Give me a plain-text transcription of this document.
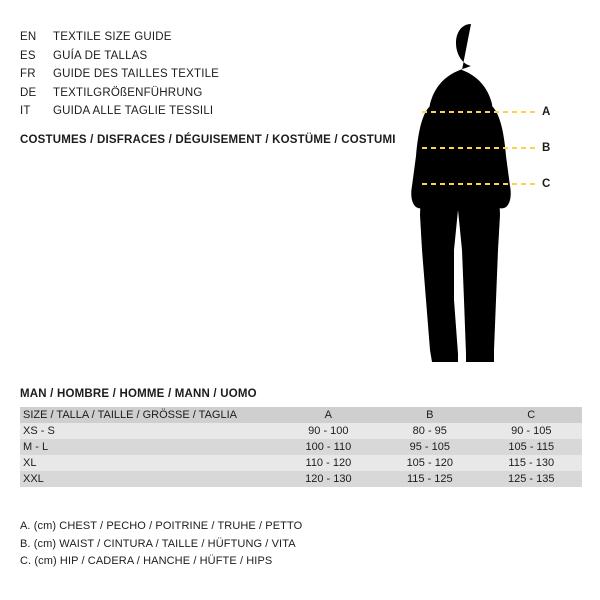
EN	TEXTILE SIZE GUIDE
ES	GUÍA DE TALLAS
FR	GUIDE DES TAILLES TEXTILE
DE	TEXTILGRÖßENFÜHRUNG
IT	GUIDA ALLE TAGLIE TESSILI
COSTUMES / DISFRACES / DÉGUISEMENT / KOSTÜME / COSTUMI
A
B
C
MAN / HOMBRE / HOMME / MANN / UOMO
SIZE / TALLA / TAILLE / GRÖSSE / TAGLIA	A	B	C
XS - S	90 - 100	80 - 95	90 - 105
M - L	100 - 110	95 - 105	105 - 115
XL	110 - 120	105 - 120	115 - 130
XXL	120 - 130	115 - 125	125 - 135
A. (cm) CHEST / PECHO / POITRINE / TRUHE / PETTO
B. (cm) WAIST / CINTURA / TAILLE / HÜFTUNG / VITA
C. (cm) HIP / CADERA / HANCHE / HÜFTE / HIPS
